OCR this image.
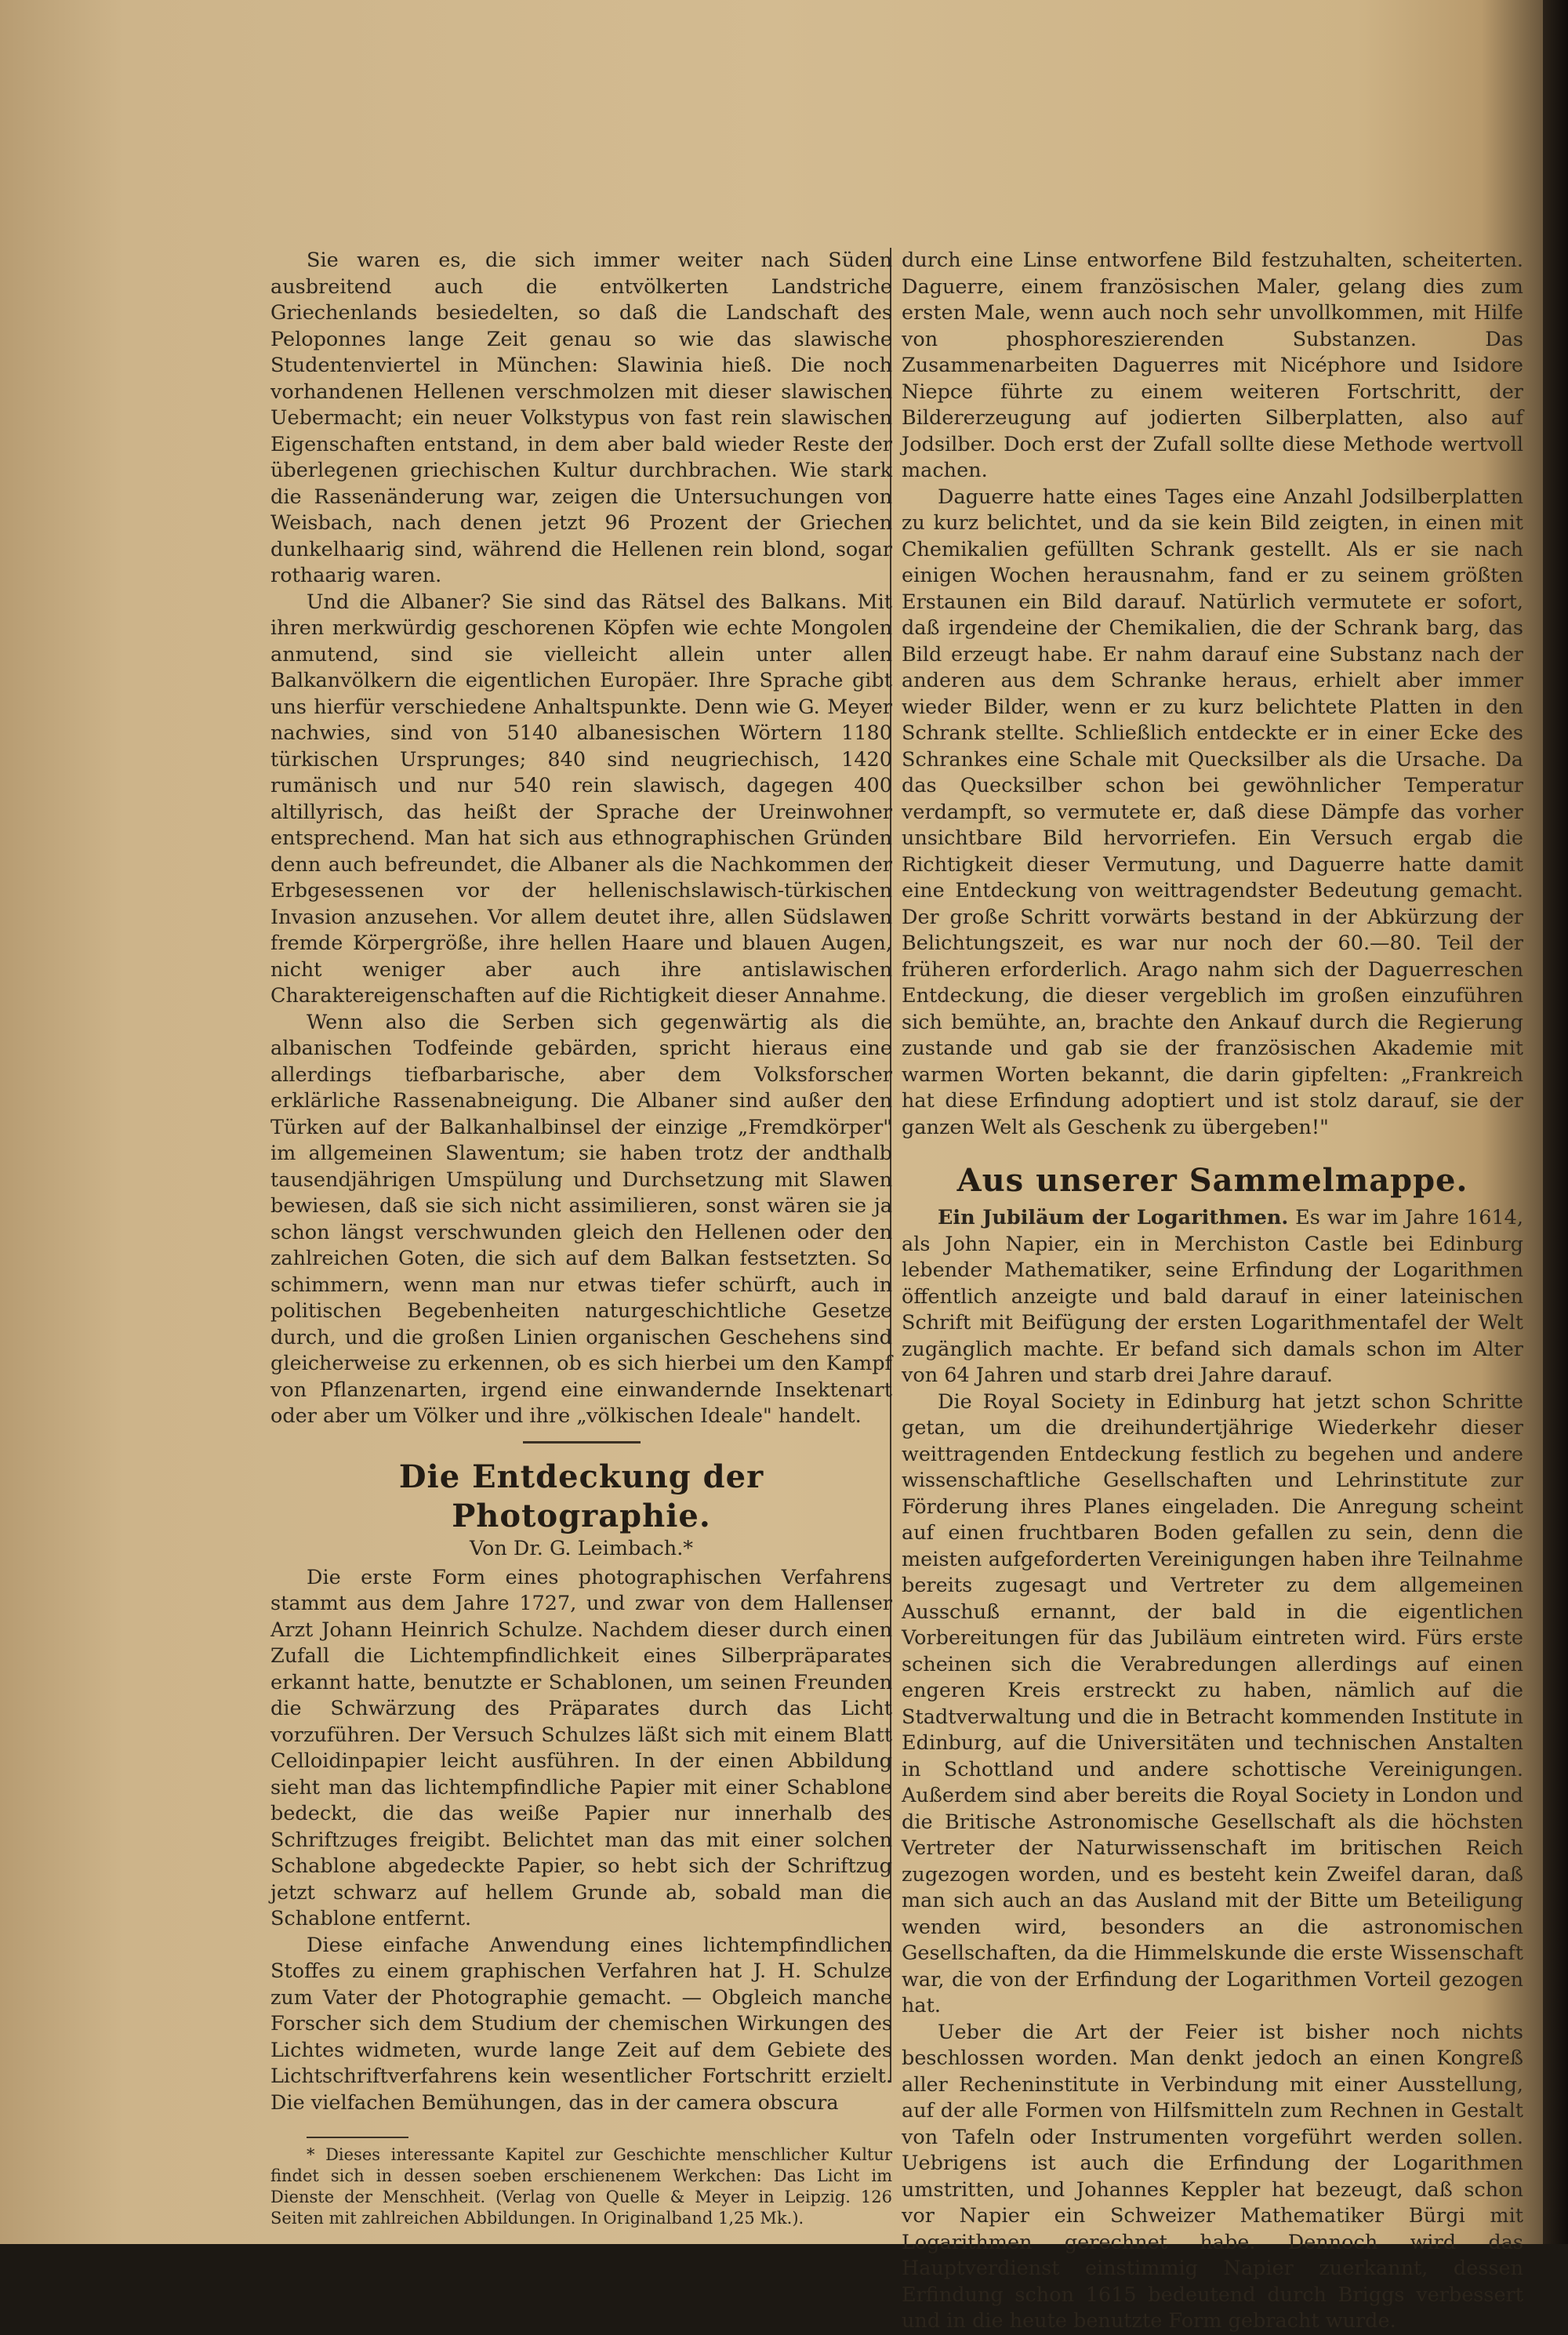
Sie waren es, die sich immer weiter nach Süden ausbreitend auch die entvölkerten Landstriche Griechenlands besiedelten, so daß die Landschaft des Peloponnes lange Zeit genau so wie das slawische Studentenviertel in München: Slawinia hieß. Die noch vorhandenen Hellenen verschmolzen mit dieser slawischen Uebermacht; ein neuer Volkstypus von fast rein slawischen Eigenschaften entstand, in dem aber bald wieder Reste der überlegenen griechischen Kultur durchbrachen. Wie stark die Rassenänderung war, zeigen die Untersuchungen von Weisbach, nach denen jetzt 96 Prozent der Griechen dunkelhaarig sind, während die Hellenen rein blond, sogar rothaarig waren.

Und die Albaner? Sie sind das Rätsel des Balkans. Mit ihren merkwürdig geschorenen Köpfen wie echte Mongolen anmutend, sind sie vielleicht allein unter allen Balkanvölkern die eigentlichen Europäer. Ihre Sprache gibt uns hierfür verschiedene Anhaltspunkte. Denn wie G. Meyer nachwies, sind von 5140 albanesischen Wörtern 1180 türkischen Ursprunges; 840 sind neugriechisch, 1420 rumänisch und nur 540 rein slawisch, dagegen 400 altillyrisch, das heißt der Sprache der Ureinwohner entsprechend. Man hat sich aus ethnographischen Gründen denn auch befreundet, die Albaner als die Nachkommen der Erbgesessenen vor der hellenischslawisch-türkischen Invasion anzusehen. Vor allem deutet ihre, allen Südslawen fremde Körpergröße, ihre hellen Haare und blauen Augen, nicht weniger aber auch ihre antislawischen Charaktereigenschaften auf die Richtigkeit dieser Annahme.

Wenn also die Serben sich gegenwärtig als die albanischen Todfeinde gebärden, spricht hieraus eine allerdings tiefbarbarische, aber dem Volksforscher erklärliche Rassenabneigung. Die Albaner sind außer den Türken auf der Balkanhalbinsel der einzige „Fremdkörper" im allgemeinen Slawentum; sie haben trotz der andthalb tausendjährigen Umspülung und Durchsetzung mit Slawen bewiesen, daß sie sich nicht assimilieren, sonst wären sie ja schon längst verschwunden gleich den Hellenen oder den zahlreichen Goten, die sich auf dem Balkan festsetzten. So schimmern, wenn man nur etwas tiefer schürft, auch in politischen Begebenheiten naturgeschichtliche Gesetze durch, und die großen Linien organischen Geschehens sind gleicherweise zu erkennen, ob es sich hierbei um den Kampf von Pflanzenarten, irgend eine einwandernde Insektenart oder aber um Völker und ihre „völkischen Ideale" handelt.

Die Entdeckung der Photographie.
Von Dr. G. Leimbach.*

Die erste Form eines photographischen Verfahrens stammt aus dem Jahre 1727, und zwar von dem Hallenser Arzt Johann Heinrich Schulze. Nachdem dieser durch einen Zufall die Lichtempfindlichkeit eines Silberpräparates erkannt hatte, benutzte er Schablonen, um seinen Freunden die Schwärzung des Präparates durch das Licht vorzuführen. Der Versuch Schulzes läßt sich mit einem Blatt Celloidinpapier leicht ausführen. In der einen Abbildung sieht man das lichtempfindliche Papier mit einer Schablone bedeckt, die das weiße Papier nur innerhalb des Schriftzuges freigibt. Belichtet man das mit einer solchen Schablone abgedeckte Papier, so hebt sich der Schriftzug jetzt schwarz auf hellem Grunde ab, sobald man die Schablone entfernt.

Diese einfache Anwendung eines lichtempfindlichen Stoffes zu einem graphischen Verfahren hat J. H. Schulze zum Vater der Photographie gemacht. — Obgleich manche Forscher sich dem Studium der chemischen Wirkungen des Lichtes widmeten, wurde lange Zeit auf dem Gebiete des Lichtschriftverfahrens kein wesentlicher Fortschritt erzielt. Die vielfachen Bemühungen, das in der camera obscura

* Dieses interessante Kapitel zur Geschichte menschlicher Kultur findet sich in dessen soeben erschienenem Werkchen: Das Licht im Dienste der Menschheit. (Verlag von Quelle & Meyer in Leipzig. 126 Seiten mit zahlreichen Abbildungen. In Originalband 1,25 Mk.).

durch eine Linse entworfene Bild festzuhalten, scheiterten. Daguerre, einem französischen Maler, gelang dies zum ersten Male, wenn auch noch sehr unvollkommen, mit Hilfe von phosphoreszierenden Substanzen. Das Zusammenarbeiten Daguerres mit Nicéphore und Isidore Niepce führte zu einem weiteren Fortschritt, der Bildererzeugung auf jodierten Silberplatten, also auf Jodsilber. Doch erst der Zufall sollte diese Methode wertvoll machen.

Daguerre hatte eines Tages eine Anzahl Jodsilberplatten zu kurz belichtet, und da sie kein Bild zeigten, in einen mit Chemikalien gefüllten Schrank gestellt. Als er sie nach einigen Wochen herausnahm, fand er zu seinem größten Erstaunen ein Bild darauf. Natürlich vermutete er sofort, daß irgendeine der Chemikalien, die der Schrank barg, das Bild erzeugt habe. Er nahm darauf eine Substanz nach der anderen aus dem Schranke heraus, erhielt aber immer wieder Bilder, wenn er zu kurz belichtete Platten in den Schrank stellte. Schließlich entdeckte er in einer Ecke des Schrankes eine Schale mit Quecksilber als die Ursache. Da das Quecksilber schon bei gewöhnlicher Temperatur verdampft, so vermutete er, daß diese Dämpfe das vorher unsichtbare Bild hervorriefen. Ein Versuch ergab die Richtigkeit dieser Vermutung, und Daguerre hatte damit eine Entdeckung von weittragendster Bedeutung gemacht. Der große Schritt vorwärts bestand in der Abkürzung der Belichtungszeit, es war nur noch der 60.—80. Teil der früheren erforderlich. Arago nahm sich der Daguerreschen Entdeckung, die dieser vergeblich im großen einzuführen sich bemühte, an, brachte den Ankauf durch die Regierung zustande und gab sie der französischen Akademie mit warmen Worten bekannt, die darin gipfelten: „Frankreich hat diese Erfindung adoptiert und ist stolz darauf, sie der ganzen Welt als Geschenk zu übergeben!"

Aus unserer Sammelmappe.

Ein Jubiläum der Logarithmen. Es war im Jahre 1614, als John Napier, ein in Merchiston Castle bei Edinburg lebender Mathematiker, seine Erfindung der Logarithmen öffentlich anzeigte und bald darauf in einer lateinischen Schrift mit Beifügung der ersten Logarithmentafel der Welt zugänglich machte. Er befand sich damals schon im Alter von 64 Jahren und starb drei Jahre darauf.

Die Royal Society in Edinburg hat jetzt schon Schritte getan, um die dreihundertjährige Wiederkehr dieser weittragenden Entdeckung festlich zu begehen und andere wissenschaftliche Gesellschaften und Lehrinstitute zur Förderung ihres Planes eingeladen. Die Anregung scheint auf einen fruchtbaren Boden gefallen zu sein, denn die meisten aufgeforderten Vereinigungen haben ihre Teilnahme bereits zugesagt und Vertreter zu dem allgemeinen Ausschuß ernannt, der bald in die eigentlichen Vorbereitungen für das Jubiläum eintreten wird. Fürs erste scheinen sich die Verabredungen allerdings auf einen engeren Kreis erstreckt zu haben, nämlich auf die Stadtverwaltung und die in Betracht kommenden Institute in Edinburg, auf die Universitäten und technischen Anstalten in Schottland und andere schottische Vereinigungen. Außerdem sind aber bereits die Royal Society in London und die Britische Astronomische Gesellschaft als die höchsten Vertreter der Naturwissenschaft im britischen Reich zugezogen worden, und es besteht kein Zweifel daran, daß man sich auch an das Ausland mit der Bitte um Beteiligung wenden wird, besonders an die astronomischen Gesellschaften, da die Himmelskunde die erste Wissenschaft war, die von der Erfindung der Logarithmen Vorteil gezogen hat.

Ueber die Art der Feier ist bisher noch nichts beschlossen worden. Man denkt jedoch an einen Kongreß aller Recheninstitute in Verbindung mit einer Ausstellung, auf der alle Formen von Hilfsmitteln zum Rechnen in Gestalt von Tafeln oder Instrumenten vorgeführt werden sollen. Uebrigens ist auch die Erfindung der Logarithmen umstritten, und Johannes Keppler hat bezeugt, daß schon vor Napier ein Schweizer Mathematiker Bürgi mit Logarithmen gerechnet habe. Dennoch wird das Hauptverdienst einstimmig Napier zuerkannt, dessen Erfindung schon 1615 bedeutend durch Briggs verbessert und in die heute benutzte Form gebracht wurde.
